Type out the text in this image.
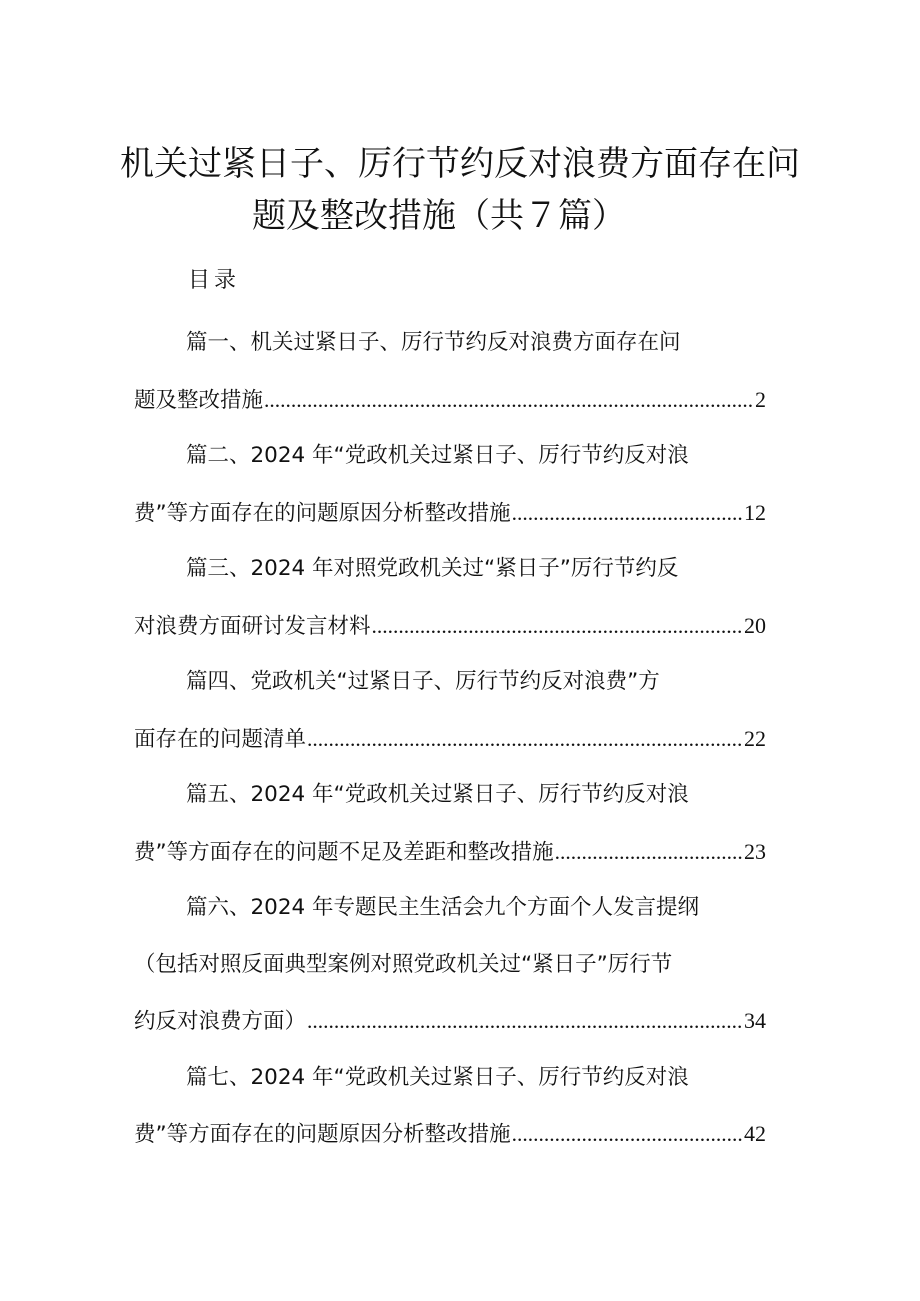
机关过紧日子、厉行节约反对浪费方面存在问
题及整改措施（共７篇）
目录
篇一、机关过紧日子、厉行节约反对浪费方面存在问
题及整改措施 .....	2
篇二、2024 年“党政机关过紧日子、厉行节约反对浪
费”等方面存在的问题原因分析整改措施 .....	12
篇三、2024 年对照党政机关过“紧日子”厉行节约反
对浪费方面研讨发言材料 .....	20
篇四、党政机关“过紧日子、厉行节约反对浪费”方
面存在的问题清单 .....	22
篇五、2024 年“党政机关过紧日子、厉行节约反对浪
费”等方面存在的问题不足及差距和整改措施 .....	23
篇六、2024 年专题民主生活会九个方面个人发言提纲
（包括对照反面典型案例对照党政机关过“紧日子”厉行节
约反对浪费方面） .....	34
篇七、2024 年“党政机关过紧日子、厉行节约反对浪
费”等方面存在的问题原因分析整改措施 .....	42
